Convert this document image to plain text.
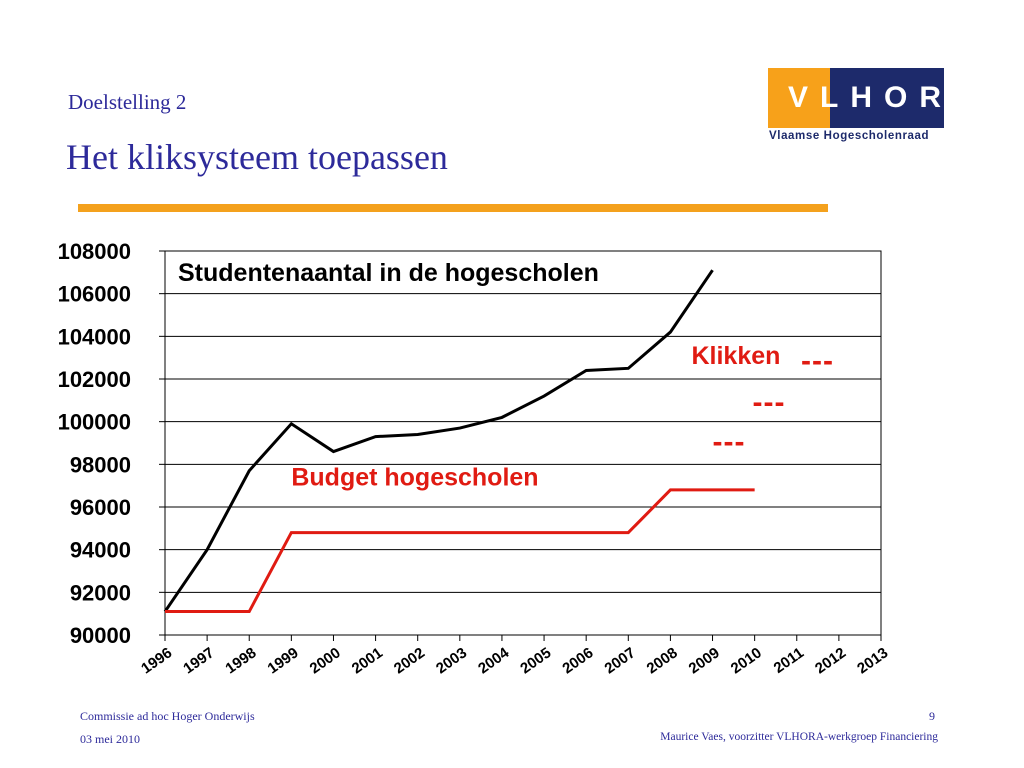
Doelstelling 2
Het kliksysteem toepassen
VLHORA
Vlaamse Hogescholenraad
90000
92000
94000
96000
98000
100000
102000
104000
106000
108000
1996 1997 1998 1999 2000 2001 2002 2003 2004 2005 2006 2007 2008 2009 2010 2011 2012 2013
Studentenaantal in de hogescholen
Budget hogescholen
Klikken ---
---
---
Commissie ad hoc Hoger Onderwijs
03 mei 2010
9
Maurice Vaes, voorzitter VLHORA-werkgroep Financiering
